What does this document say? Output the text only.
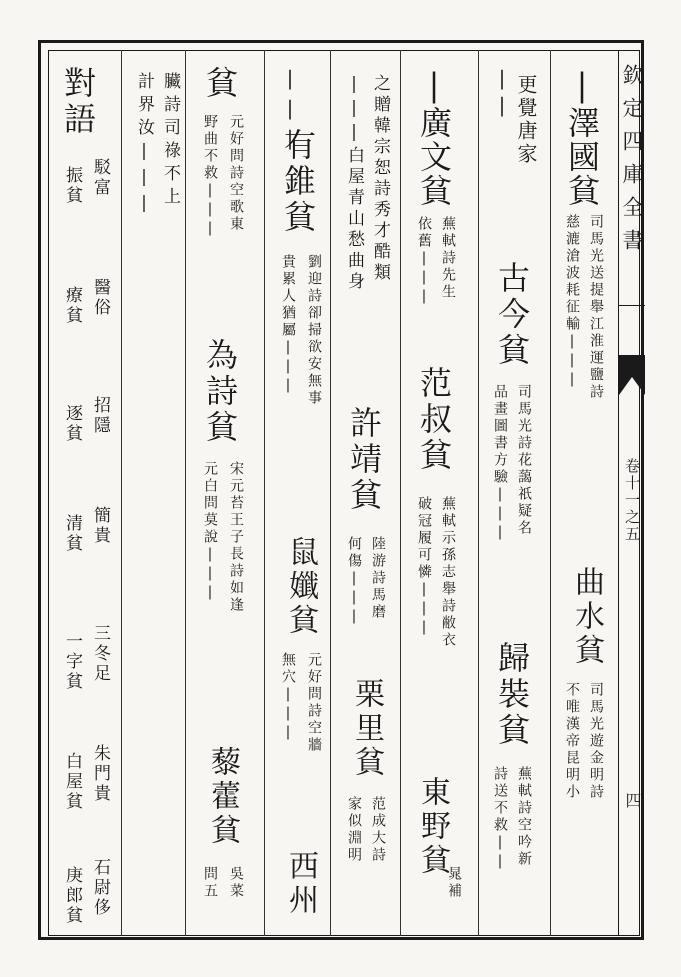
欽定四庫全書
卷十一之五
四
|澤國貧
司馬光送提舉江淮運鹽詩
慈漉滄波耗征輸|||
更覺唐家
||
古今貧
司馬光詩花藹祇疑名
品畫圖書方驗|||
歸裝貧
蕪軾詩空吟新
詩送不救||
曲水貧
司馬光遊金明詩
不唯漢帝昆明小
|廣文貧
蕪軾詩先生
依舊|||
范叔貧
蕪軾示孫志舉詩敝衣
破冠履可憐|||
東野貧
晁補
之贈韓宗恕詩秀才酷類
|||白屋青山愁曲身
許靖貧
陸游詩馬磨
何傷|||
栗里貧
范成大詩
家似淵明
|||
有錐貧
劉迎詩卻掃欲安無事
貴累人猶屬|||
鼠孅貧
元好問詩空牆
無穴|||
西州
貧
元好問詩空歌東
野曲不救|||
為詩貧
宋元苔王子長詩如逢
元白問莫說|||
藜藿貧
吳菜
問五
臟詩司祿不上
計界汝|||
對語
駁富
振貧
醫俗
療貧
招隱
逐貧
簡貴
清貧
三冬足
一字貧
朱門貴
白屋貧
石尉侈
庚郎貧
